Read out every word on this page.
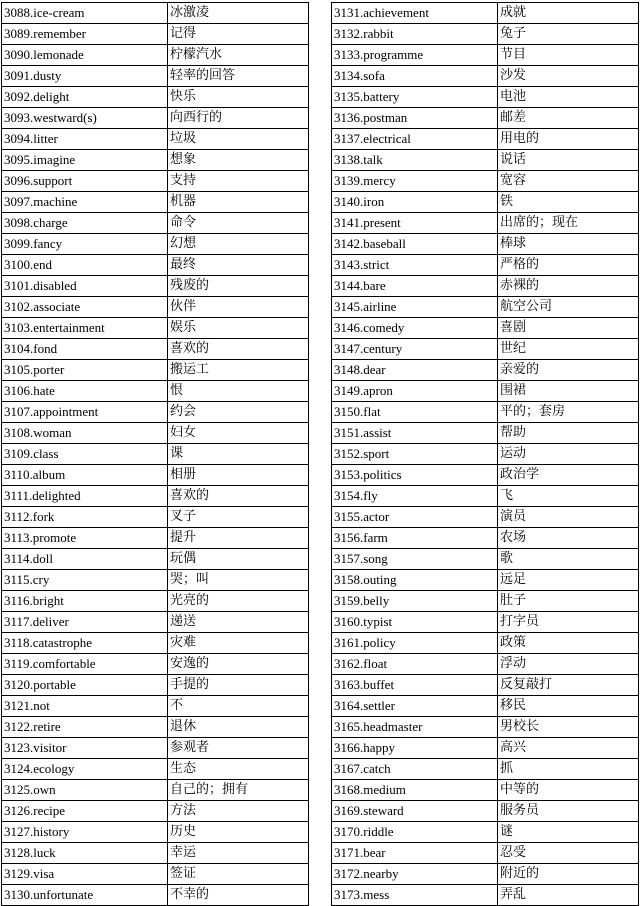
3088.ice-cream	冰激凌
3089.remember	记得
3090.lemonade	柠檬汽水
3091.dusty	轻率的回答
3092.delight	快乐
3093.westward(s)	向西行的
3094.litter	垃圾
3095.imagine	想象
3096.support	支持
3097.machine	机器
3098.charge	命令
3099.fancy	幻想
3100.end	最终
3101.disabled	残废的
3102.associate	伙伴
3103.entertainment	娱乐
3104.fond	喜欢的
3105.porter	搬运工
3106.hate	恨
3107.appointment	约会
3108.woman	妇女
3109.class	课
3110.album	相册
3111.delighted	喜欢的
3112.fork	叉子
3113.promote	提升
3114.doll	玩偶
3115.cry	哭；叫
3116.bright	光亮的
3117.deliver	递送
3118.catastrophe	灾难
3119.comfortable	安逸的
3120.portable	手提的
3121.not	不
3122.retire	退休
3123.visitor	参观者
3124.ecology	生态
3125.own	自己的；拥有
3126.recipe	方法
3127.history	历史
3128.luck	幸运
3129.visa	签证
3130.unfortunate	不幸的
3131.achievement	成就
3132.rabbit	兔子
3133.programme	节目
3134.sofa	沙发
3135.battery	电池
3136.postman	邮差
3137.electrical	用电的
3138.talk	说话
3139.mercy	宽容
3140.iron	铁
3141.present	出席的；现在
3142.baseball	棒球
3143.strict	严格的
3144.bare	赤裸的
3145.airline	航空公司
3146.comedy	喜剧
3147.century	世纪
3148.dear	亲爱的
3149.apron	围裙
3150.flat	平的；套房
3151.assist	帮助
3152.sport	运动
3153.politics	政治学
3154.fly	飞
3155.actor	演员
3156.farm	农场
3157.song	歌
3158.outing	远足
3159.belly	肚子
3160.typist	打字员
3161.policy	政策
3162.float	浮动
3163.buffet	反复敲打
3164.settler	移民
3165.headmaster	男校长
3166.happy	高兴
3167.catch	抓
3168.medium	中等的
3169.steward	服务员
3170.riddle	谜
3171.bear	忍受
3172.nearby	附近的
3173.mess	弄乱
